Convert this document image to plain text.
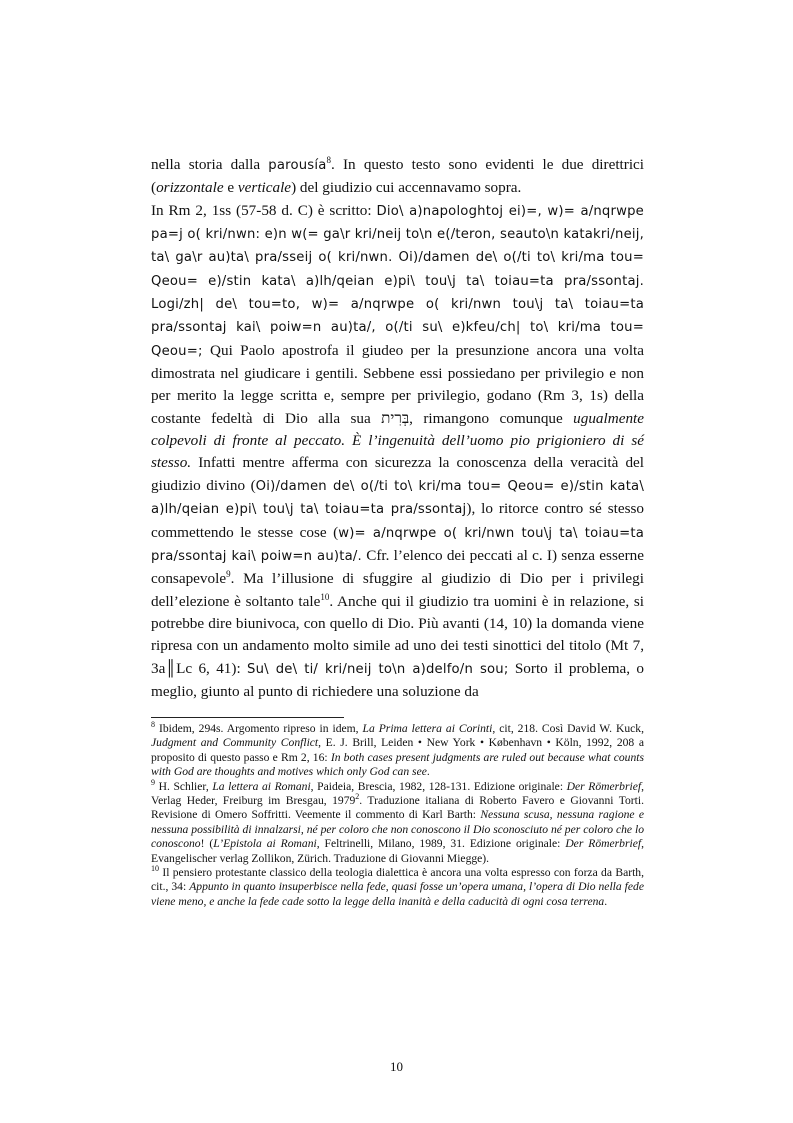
nella storia dalla parousía$^8$. In questo testo sono evidenti le due direttrici (orizzontale e verticale) del giudizio cui accennavamo sopra.

In Rm 2, 1ss (57-58 d. C) è scritto: Dio\ a)napologhtoj ei)=, w)= a/nqrwpe pa=j o( kri/nwn: e)n w(= ga\r kri/neij to\n e(/teron, seauto\n katakri/neij, ta\ ga\r au)ta\ pra/sseij o( kri/nwn. Oi)/damen de\ o(/ti to\ kri/ma tou= Qeou= e)/stin kata\ a)lh/qeian e)pi\ tou\j ta\ toiau=ta pra/ssontaj. Logi/zh| de\ tou=to, w)= a/nqrwpe o( kri/nwn tou\j ta\ toiau=ta pra/ssontaj kai\ poiw=n au)ta/, o(/ti su\ e)kfeu/ch| to\ kri/ma tou= Qeou=; Qui Paolo apostrofa il giudeo per la presunzione ancora una volta dimostrata nel giudicare i gentili. Sebbene essi possiedano per privilegio e non per merito la legge scritta e, sempre per privilegio, godano (Rm 3, 1s) della costante fedeltà di Dio alla sua בְּרִית, rimangono comunque ugualmente colpevoli di fronte al peccato. È l’ingenuità dell’uomo pio prigioniero di sé stesso. Infatti mentre afferma con sicurezza la conoscenza della veracità del giudizio divino (Oi)/damen de\ o(/ti to\ kri/ma tou= Qeou= e)/stin kata\ a)lh/qeian e)pi\ tou\j ta\ toiau=ta pra/ssontaj), lo ritorce contro sé stesso commettendo le stesse cose (w)= a/nqrwpe o( kri/nwn tou\j ta\ toiau=ta pra/ssontaj kai\ poiw=n au)ta/. Cfr. l’elenco dei peccati al c. I) senza esserne consapevole$^9$. Ma l’illusione di sfuggire al giudizio di Dio per i privilegi dell’elezione è soltanto tale$^{10}$. Anche qui il giudizio tra uomini è in relazione, si potrebbe dire biunivoca, con quello di Dio. Più avanti (14, 10) la domanda viene ripresa con un andamento molto simile ad uno dei testi sinottici del titolo (Mt 7, 3a║Lc 6, 41): Su\ de\ ti/ kri/neij to\n a)delfo/n sou; Sorto il problema, o meglio, giunto al punto di richiedere una soluzione da

$^8$ Ibidem, 294s. Argomento ripreso in idem, La Prima lettera ai Corinti, cit, 218. Così David W. Kuck, Judgment and Community Conflict, E. J. Brill, Leiden • New York • København • Köln, 1992, 208 a proposito di questo passo e Rm 2, 16: In both cases present judgments are ruled out because what counts with God are thoughts and motives which only God can see.

$^9$ H. Schlier, La lettera ai Romani, Paideia, Brescia, 1982, 128-131. Edizione originale: Der Römerbrief, Verlag Heder, Freiburg im Bresgau, 1979$^2$. Traduzione italiana di Roberto Favero e Giovanni Torti. Revisione di Omero Soffritti. Veemente il commento di Karl Barth: Nessuna scusa, nessuna ragione e nessuna possibilità di innalzarsi, né per coloro che non conoscono il Dio sconosciuto né per coloro che lo conoscono! (L’Epistola ai Romani, Feltrinelli, Milano, 1989, 31. Edizione originale: Der Römerbrief, Evangelischer verlag Zollikon, Zürich. Traduzione di Giovanni Miegge).

$^{10}$ Il pensiero protestante classico della teologia dialettica è ancora una volta espresso con forza da Barth, cit., 34: Appunto in quanto insuperbisce nella fede, quasi fosse un’opera umana, l’opera di Dio nella fede viene meno, e anche la fede cade sotto la legge della inanità e della caducità di ogni cosa terrena.

10
